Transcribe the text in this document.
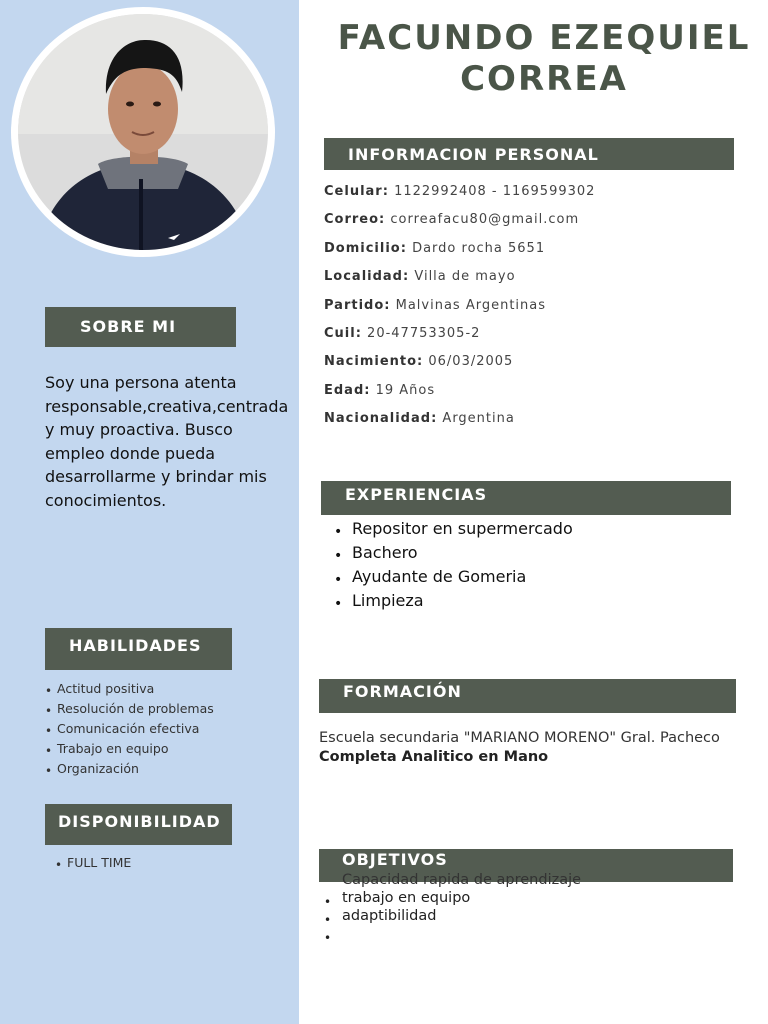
FACUNDO EZEQUIEL
CORREA
INFORMACION PERSONAL
Celular: 1122992408 - 1169599302
Correo: correafacu80@gmail.com
Domicilio: Dardo rocha 5651
Localidad: Villa de mayo
Partido: Malvinas Argentinas
Cuil: 20-47753305-2
Nacimiento: 06/03/2005
Edad: 19 Años
Nacionalidad: Argentina
SOBRE MI
Soy una persona atenta responsable,creativa,centrada y muy proactiva. Busco empleo donde pueda desarrollarme y brindar mis conocimientos.
HABILIDADES
• Actitud positiva
• Resolución de problemas
• Comunicación efectiva
• Trabajo en equipo
• Organización
DISPONIBILIDAD
• FULL TIME
EXPERIENCIAS
• Repositor en supermercado
• Bachero
• Ayudante de Gomeria
• Limpieza
FORMACIÓN
Escuela secundaria "MARIANO MORENO" Gral. Pacheco
Completa Analitico en Mano
OBJETIVOS
Capacidad rapida de aprendizaje
• trabajo en equipo
• adaptibilidad
•
